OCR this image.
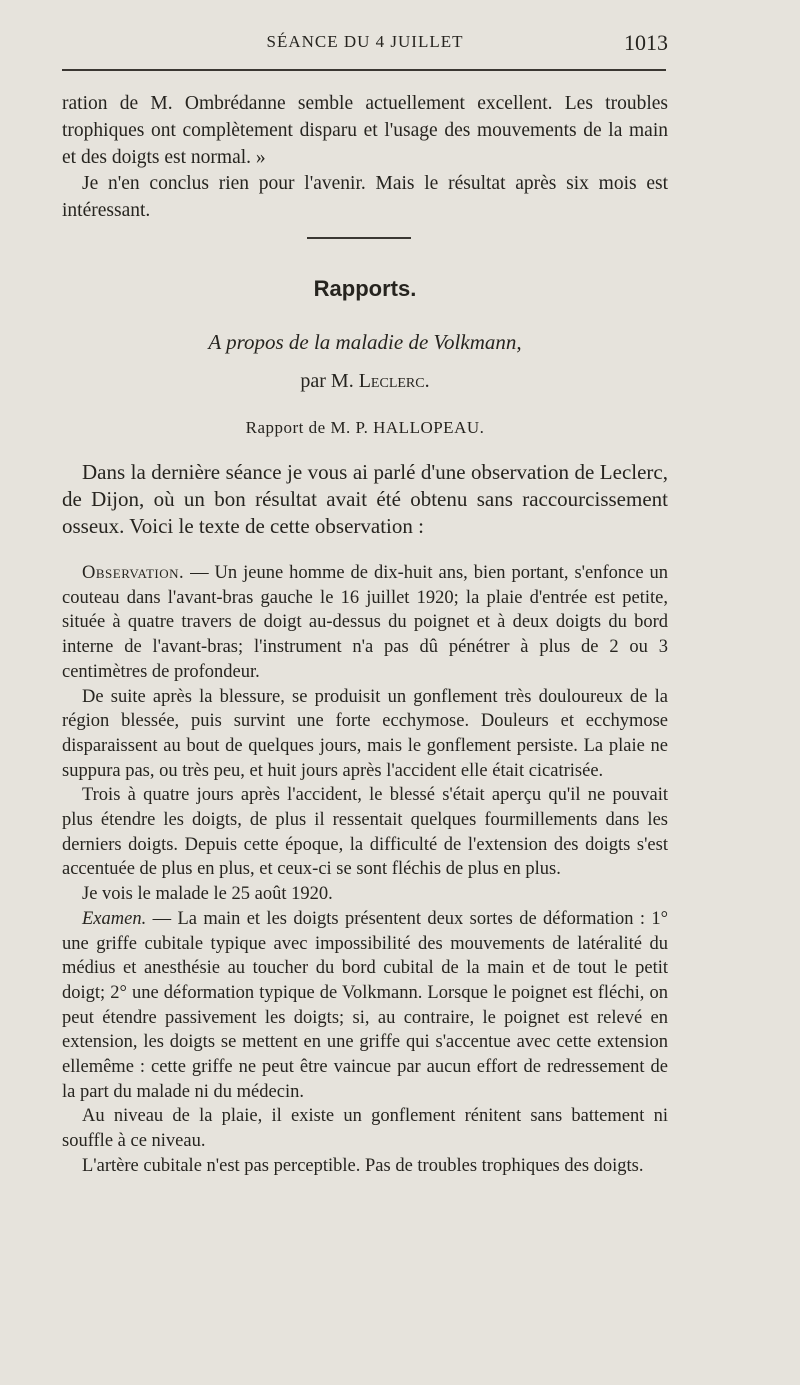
SÉANCE DU 4 JUILLET	1013

ration de M. Ombrédanne semble actuellement excellent. Les troubles trophiques ont complètement disparu et l'usage des mouvements de la main et des doigts est normal. »

Je n'en conclus rien pour l'avenir. Mais le résultat après six mois est intéressant.

Rapports.
A propos de la maladie de Volkmann,
par M. Leclerc.
Rapport de M. P. HALLOPEAU.

Dans la dernière séance je vous ai parlé d'une observation de Leclerc, de Dijon, où un bon résultat avait été obtenu sans raccourcissement osseux. Voici le texte de cette observation :

Observation. — Un jeune homme de dix-huit ans, bien portant, s'enfonce un couteau dans l'avant-bras gauche le 16 juillet 1920; la plaie d'entrée est petite, située à quatre travers de doigt au-dessus du poignet et à deux doigts du bord interne de l'avant-bras; l'instrument n'a pas dû pénétrer à plus de 2 ou 3 centimètres de profondeur.

De suite après la blessure, se produisit un gonflement très douloureux de la région blessée, puis survint une forte ecchymose. Douleurs et ecchymose disparaissent au bout de quelques jours, mais le gonflement persiste. La plaie ne suppura pas, ou très peu, et huit jours après l'accident elle était cicatrisée.

Trois à quatre jours après l'accident, le blessé s'était aperçu qu'il ne pouvait plus étendre les doigts, de plus il ressentait quelques fourmillements dans les derniers doigts. Depuis cette époque, la difficulté de l'extension des doigts s'est accentuée de plus en plus, et ceux-ci se sont fléchis de plus en plus.

Je vois le malade le 25 août 1920.

Examen. — La main et les doigts présentent deux sortes de déformation : 1° une griffe cubitale typique avec impossibilité des mouvements de latéralité du médius et anesthésie au toucher du bord cubital de la main et de tout le petit doigt; 2° une déformation typique de Volkmann. Lorsque le poignet est fléchi, on peut étendre passivement les doigts; si, au contraire, le poignet est relevé en extension, les doigts se mettent en une griffe qui s'accentue avec cette extension ellemême : cette griffe ne peut être vaincue par aucun effort de redressement de la part du malade ni du médecin.

Au niveau de la plaie, il existe un gonflement rénitent sans battement ni souffle à ce niveau.

L'artère cubitale n'est pas perceptible. Pas de troubles trophiques des doigts.
